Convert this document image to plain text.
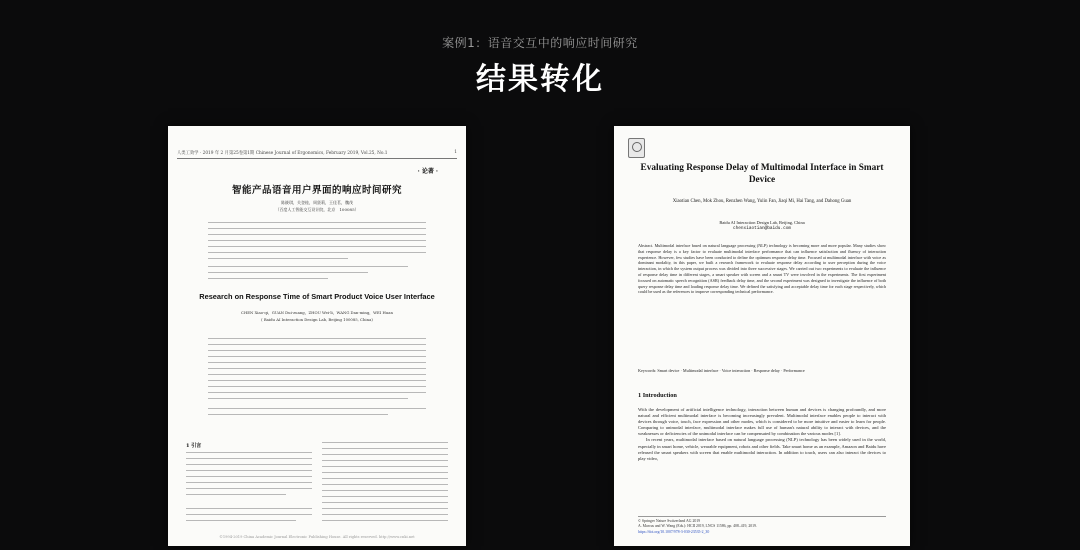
案例1：语音交互中的响应时间研究
结果转化
人类工效学 · 2019 年 2 月第25卷第1期 Chinese Journal of Ergonomics, February 2019, Vol.25, No.1	1
· 论著 ·
智能产品语音用户界面的响应时间研究
陈筱琪，关登桂，周贤莉，王佳茗，魏茂
（百度人工智能交互设计院，北京　100085）
Research on Response Time of Smart Product Voice User Interface
CHEN Xiao-qi，GUAN Dui-zuang，ZHOU Wei-li，WANG Dan-ming，WEI Huan
( Baidu AI Interaction Design Lab, Beijing 100085, China)
1 引言
©1994-2019 China Academic Journal Electronic Publishing House. All rights reserved. http://www.cnki.net
Evaluating Response Delay of Multimodal Interface in Smart Device
Xiaotian Chen, Mok Zhou, Renzhen Wang, Yulin Fan, Jiaqi Mi, Hai Tang, and Dahong Guan
Baidu AI Interaction Design Lab, Beijing, China
chenxiaotian@baidu.com
Abstract. Multimodal interface based on natural language processing (NLP) technology is becoming more and more popular. Many studies show that response delay is a key factor to evaluate multimodal interface performance that can influence satisfaction and fluency of interaction experience. However, few studies have been conducted to define the optimum response delay time. Focused at multimodal interface with voice as dominant modality, in this paper, we built a research framework to evaluate response delay according to user perception during the voice interaction, in which the system output process was divided into three successive stages. We carried out two experiments to evaluate the influence of response delay time in different stages, a smart speaker with screen and a smart TV were involved in the experiments. The first experiment focused on automatic speech recognition (ASR) feedback delay time, and the second experiment was designed to investigate the influence of both query response delay time and loading response delay time. We defined the satisfying and acceptable delay time for each stage respectively, which could be used as the references to improve corresponding technical performance.
Keywords: Smart device · Multimodal interface · Voice interaction · Response delay · Performance
1 Introduction
With the development of artificial intelligence technology, interaction between human and devices is changing profoundly, and more natural and efficient multimodal interface is becoming increasingly prevalent. Multimodal interface enables people to interact with devices through voice, touch, face expression and other modes, which is considered to be more intuitive and easier to learn for people. Comparing to unimodal interface, multimodal interface makes full use of human's natural ability to interact with devices, and the weaknesses or deficiencies of the unimodal interface can be compensated by combination the various modes [1].
In recent years, multimodal interface based on natural language processing (NLP) technology has been widely used in the world, especially in smart home, vehicle, wearable equipment, robots and other fields. Take smart home as an example, Amazon and Baidu have released the smart speakers with screen that enable multimodal interaction. In addition to touch, users can also interact the devices to play video,
© Springer Nature Switzerland AG 2019
A. Marcus and W. Wang (Eds.): HCII 2019, LNCS 11586, pp. 408–419, 2019.
https://doi.org/10.1007/978-3-030-23535-2_30
